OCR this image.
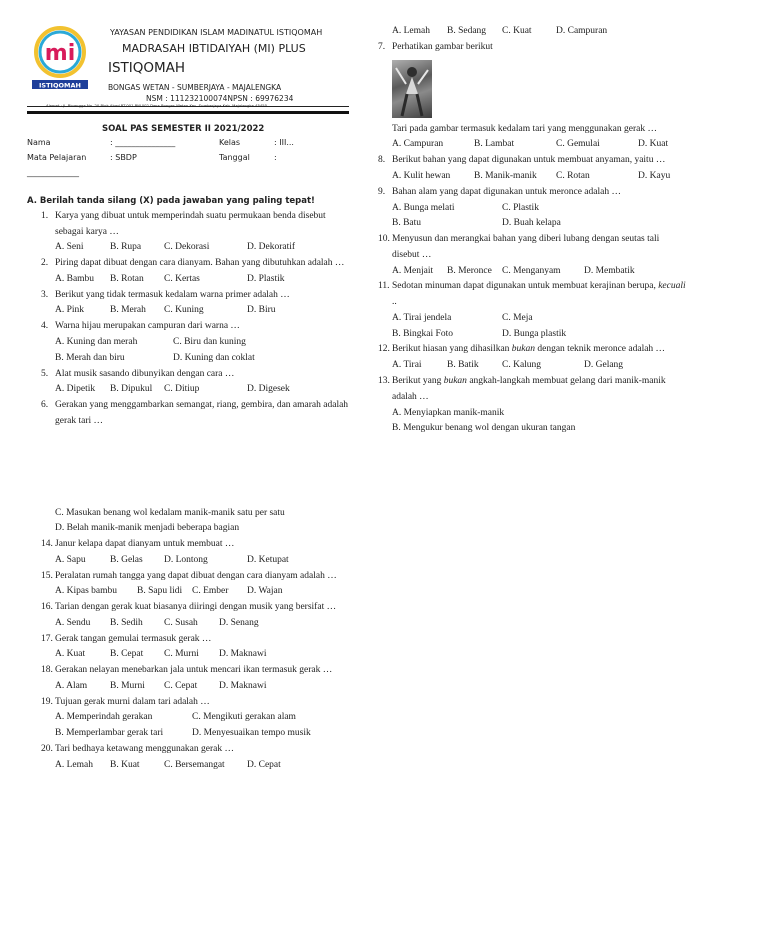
mi
ISTIQOMAH
YAYASAN PENDIDIKAN ISLAM MADINATUL ISTIQOMAH
MADRASAH IBTIDAIYAH (MI) PLUS
ISTIQOMAH
BONGAS WETAN - SUMBERJAYA - MAJALENGKA
NSM : 111232100074NPSN : 69976234
Alamat : Jl. Binangga No. 20 Blok Ahad RT.001 RW.002 Desa Bongas Wetan Kec. Sumberjaya Kab. Majalengka 45455
SOAL PAS SEMESTER II 2021/2022
Nama	: _______________	Kelas	: III...
Mata Pelajaran	: SBDP	Tanggal	:
_____________
A. Berilah tanda silang (X) pada jawaban yang paling tepat!
1. Karya yang dibuat untuk memperindah suatu permukaan benda disebut
sebagai karya …
A. Seni	B. Rupa C. Dekorasi	D. Dekoratif
2. Piring dapat dibuat dengan cara dianyam. Bahan yang dibutuhkan adalah …
A. Bambu B. Rotan C. Kertas	D. Plastik
3. Berikut yang tidak termasuk kedalam warna primer adalah …
A. Pink	B. Merah C. Kuning	D. Biru
4. Warna hijau merupakan campuran dari warna …
A. Kuning dan merah	C. Biru dan kuning
B. Merah dan biru	D. Kuning dan coklat
5. Alat musik sasando dibunyikan dengan cara …
A. Dipetik B. Dipukul C. Ditiup	D. Digesek
6. Gerakan yang menggambarkan semangat, riang, gembira, dan amarah adalah
gerak tari …
C. Masukan benang wol kedalam manik-manik satu per satu
D. Belah manik-manik menjadi beberapa bagian
14. Janur kelapa dapat dianyam untuk membuat …
A. Sapu	B. Gelas D. Lontong	D. Ketupat
15. Peralatan rumah tangga yang dapat dibuat dengan cara dianyam adalah …
A. Kipas bambu B. Sapu lidi C. Ember D. Wajan
16. Tarian dengan gerak kuat biasanya diiringi dengan musik yang bersifat …
A. Sendu B. Sedih C. Susah D. Senang
17. Gerak tangan gemulai termasuk gerak …
A. Kuat	B. Cepat C. Murni D. Maknawi
18. Gerakan nelayan menebarkan jala untuk mencari ikan termasuk gerak …
A. Alam B. Murni C. Cepat D. Maknawi
19. Tujuan gerak murni dalam tari adalah …
A. Memperindah gerakan	C. Mengikuti gerakan alam
B. Memperlambar gerak tari	D. Menyesuaikan tempo musik
20. Tari bedhaya ketawang menggunakan gerak …
A. Lemah B. Kuat	C. Bersemangat D. Cepat
A. Lemah B. Sedang C. Kuat	D. Campuran
7. Perhatikan gambar berikut
Tari pada gambar termasuk kedalam tari yang menggunakan gerak …
A. Campuran	B. Lambat	C. Gemulai	D. Kuat
8. Berikut bahan yang dapat digunakan untuk membuat anyaman, yaitu …
A. Kulit hewan B. Manik-manik C. Rotan	D. Kayu
9. Bahan alam yang dapat digunakan untuk meronce adalah …
A. Bunga melati	C. Plastik
B. Batu	D. Buah kelapa
10. Menyusun dan merangkai bahan yang diberi lubang dengan seutas tali
disebut …
A. Menjait B. Meronce C. Menganyam D. Membatik
11. Sedotan minuman dapat digunakan untuk membuat kerajinan berupa, kecuali
..
A. Tirai jendela	C. Meja
B. Bingkai Foto	D. Bunga plastik
12. Berikut hiasan yang dihasilkan bukan dengan teknik meronce adalah …
A. Tirai	B. Batik C. Kalung	D. Gelang
13. Berikut yang bukan angkah-langkah membuat gelang dari manik-manik
adalah …
A. Menyiapkan manik-manik
B. Mengukur benang wol dengan ukuran tangan
